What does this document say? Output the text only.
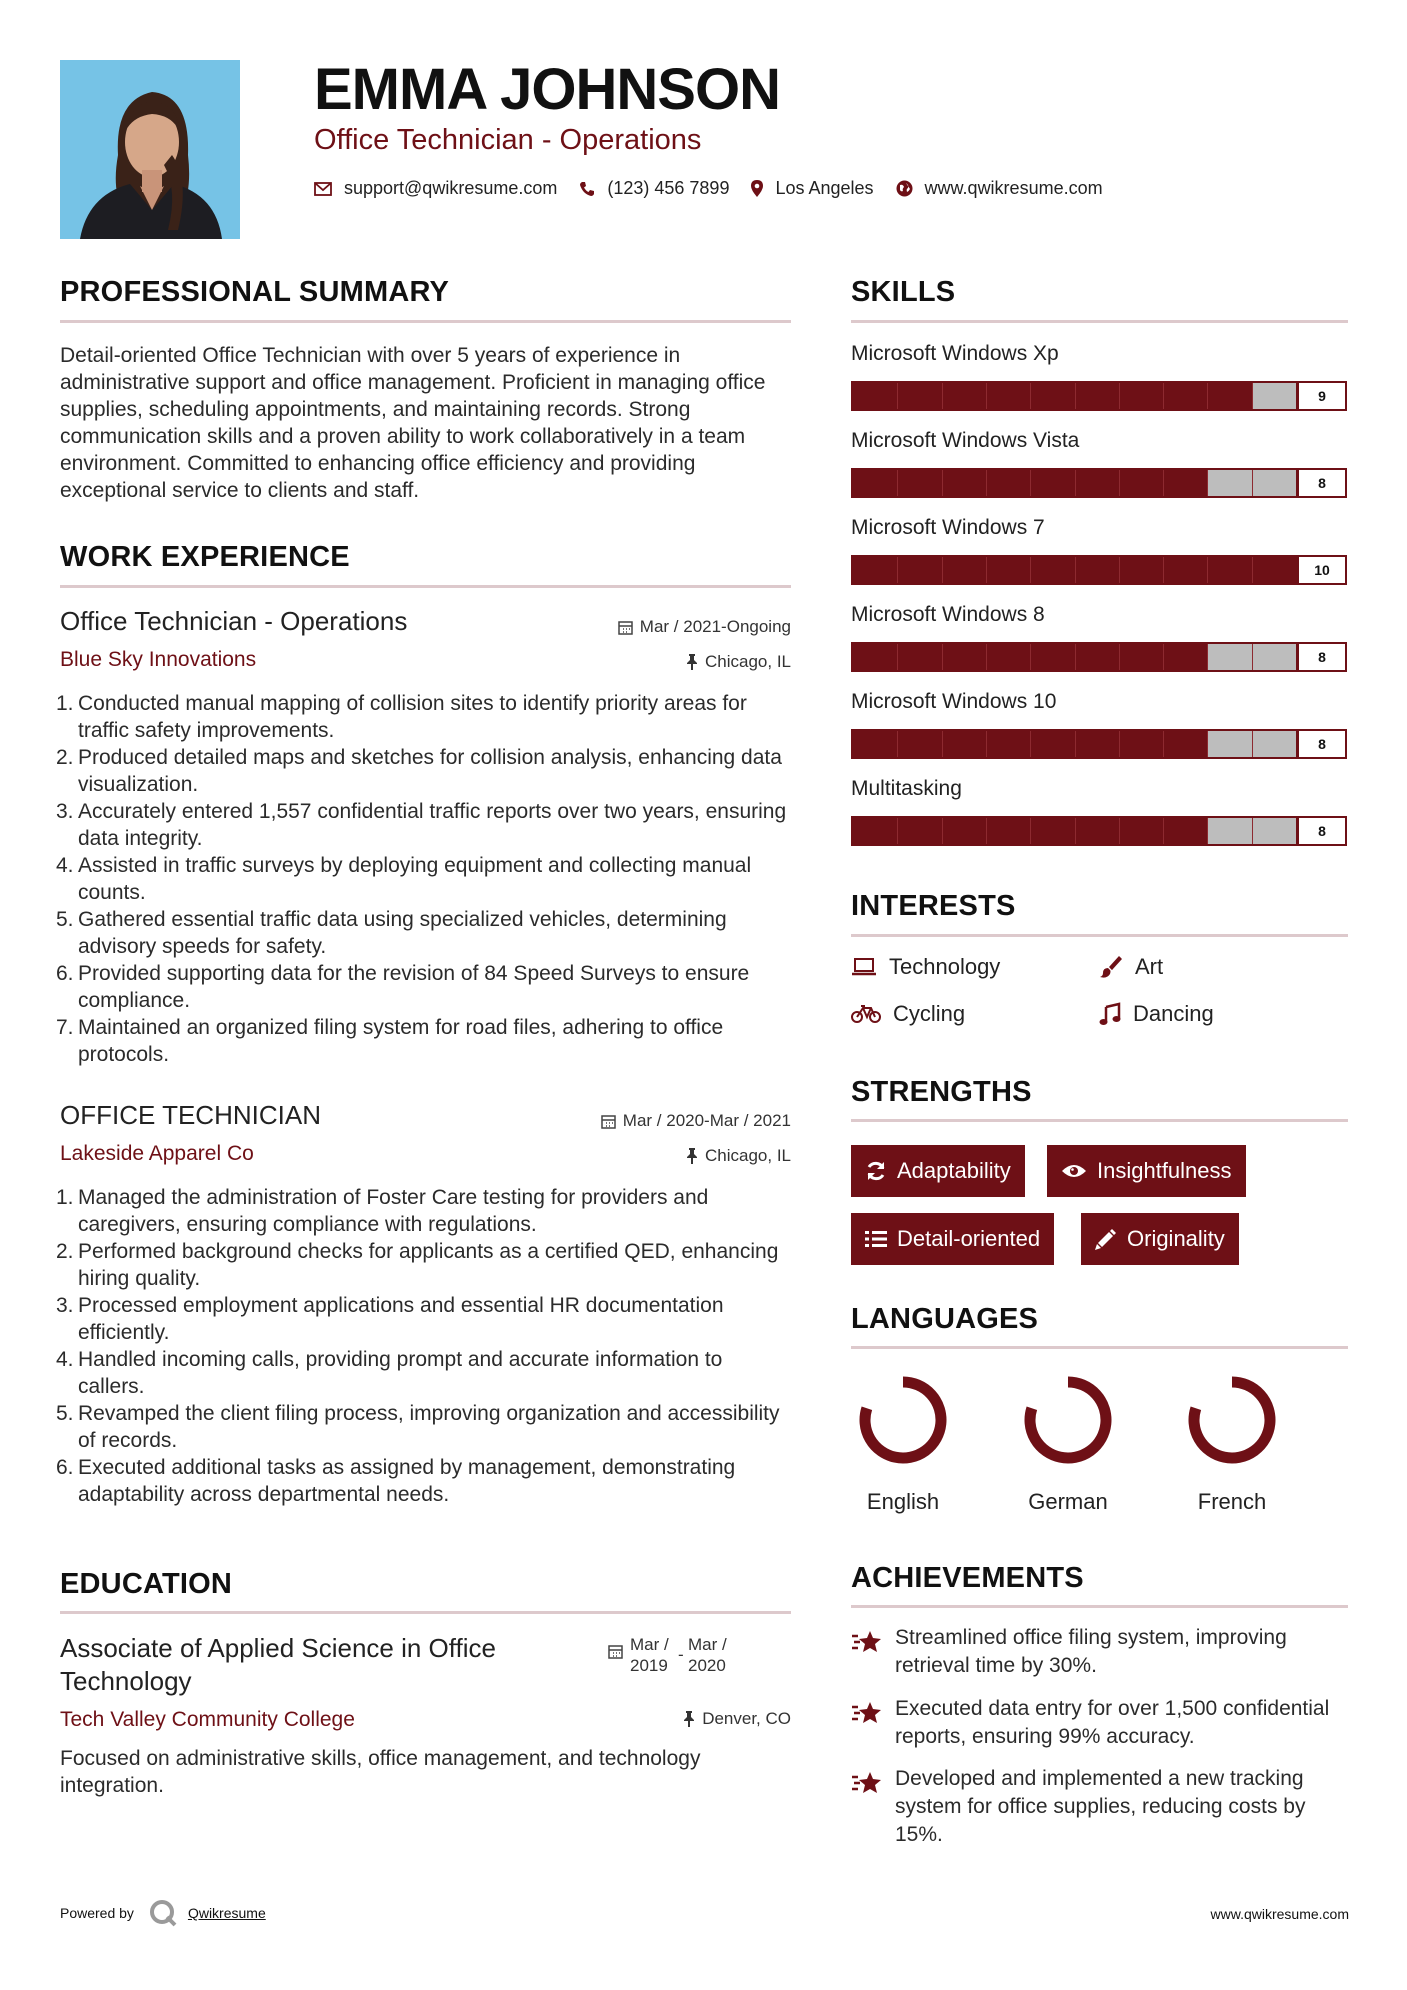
EMMA JOHNSON
Office Technician - Operations
support@qwikresume.com	(123) 456 7899	Los Angeles	www.qwikresume.com
PROFESSIONAL SUMMARY
Detail-oriented Office Technician with over 5 years of experience in administrative support and office management. Proficient in managing office supplies, scheduling appointments, and maintaining records. Strong communication skills and a proven ability to work collaboratively in a team environment. Committed to enhancing office efficiency and providing exceptional service to clients and staff.
WORK EXPERIENCE
Office Technician - Operations	Mar / 2021-Ongoing
Blue Sky Innovations	Chicago, IL
1. Conducted manual mapping of collision sites to identify priority areas for traffic safety improvements.
2. Produced detailed maps and sketches for collision analysis, enhancing data visualization.
3. Accurately entered 1,557 confidential traffic reports over two years, ensuring data integrity.
4. Assisted in traffic surveys by deploying equipment and collecting manual counts.
5. Gathered essential traffic data using specialized vehicles, determining advisory speeds for safety.
6. Provided supporting data for the revision of 84 Speed Surveys to ensure compliance.
7. Maintained an organized filing system for road files, adhering to office protocols.
OFFICE TECHNICIAN	Mar / 2020-Mar / 2021
Lakeside Apparel Co	Chicago, IL
1. Managed the administration of Foster Care testing for providers and caregivers, ensuring compliance with regulations.
2. Performed background checks for applicants as a certified QED, enhancing hiring quality.
3. Processed employment applications and essential HR documentation efficiently.
4. Handled incoming calls, providing prompt and accurate information to callers.
5. Revamped the client filing process, improving organization and accessibility of records.
6. Executed additional tasks as assigned by management, demonstrating adaptability across departmental needs.
EDUCATION
Associate of Applied Science in Office Technology
Mar /
2019
-
Mar /
2020
Tech Valley Community College	Denver, CO
Focused on administrative skills, office management, and technology integration.
SKILLS
Microsoft Windows Xp
9
Microsoft Windows Vista
8
Microsoft Windows 7
10
Microsoft Windows 8
8
Microsoft Windows 10
8
Multitasking
8
INTERESTS
Technology	Art
Cycling	Dancing
STRENGTHS
Adaptability	Insightfulness
Detail-oriented	Originality
LANGUAGES
English	German	French
ACHIEVEMENTS
Streamlined office filing system, improving retrieval time by 30%.
Executed data entry for over 1,500 confidential reports, ensuring 99% accuracy.
Developed and implemented a new tracking system for office supplies, reducing costs by 15%.
Powered by	Qwikresume	www.qwikresume.com
